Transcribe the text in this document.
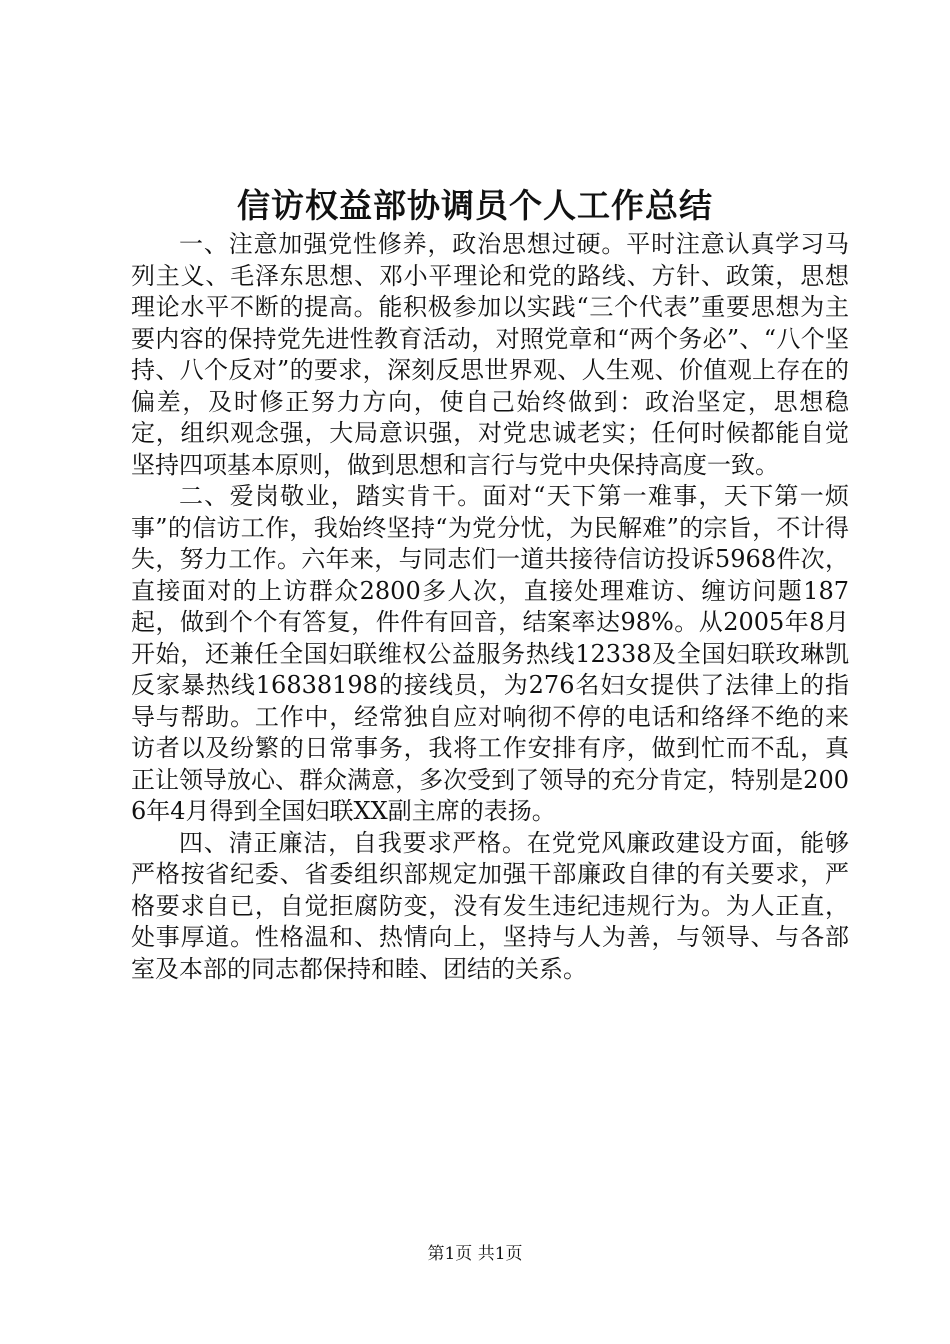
信访权益部协调员个人工作总结

一、注意加强党性修养，政治思想过硬。平时注意认真学习马列主义、毛泽东思想、邓小平理论和党的路线、方针、政策，思想理论水平不断的提高。能积极参加以实践“三个代表”重要思想为主要内容的保持党先进性教育活动，对照党章和“两个务必”、“八个坚持、八个反对”的要求，深刻反思世界观、人生观、价值观上存在的偏差，及时修正努力方向，使自己始终做到：政治坚定，思想稳定，组织观念强，大局意识强，对党忠诚老实；任何时候都能自觉坚持四项基本原则，做到思想和言行与党中央保持高度一致。

二、爱岗敬业，踏实肯干。面对“天下第一难事，天下第一烦事”的信访工作，我始终坚持“为党分忧，为民解难”的宗旨，不计得失，努力工作。六年来，与同志们一道共接待信访投诉5968件次，直接面对的上访群众2800多人次，直接处理难访、缠访问题187起，做到个个有答复，件件有回音，结案率达98%。从2005年8月开始，还兼任全国妇联维权公益服务热线12338及全国妇联玫琳凯反家暴热线16838198的接线员，为276名妇女提供了法律上的指导与帮助。工作中，经常独自应对响彻不停的电话和络绎不绝的来访者以及纷繁的日常事务，我将工作安排有序，做到忙而不乱，真正让领导放心、群众满意，多次受到了领导的充分肯定，特别是2006年4月得到全国妇联XX副主席的表扬。

四、清正廉洁，自我要求严格。在党党风廉政建设方面，能够严格按省纪委、省委组织部规定加强干部廉政自律的有关要求，严格要求自已，自觉拒腐防变，没有发生违纪违规行为。为人正直，处事厚道。性格温和、热情向上，坚持与人为善，与领导、与各部室及本部的同志都保持和睦、团结的关系。

第1页 共1页
